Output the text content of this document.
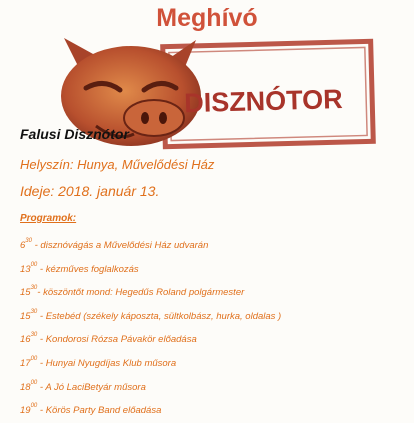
Meghívó
DISZNÓTOR
Falusi Disznótor
Helyszín: Hunya, Művelődési Ház
Ideje: 2018. január 13.
Programok:
$6^{30}$ - disznóvágás a Művelődési Ház udvarán
$13^{00}$ - kézműves foglalkozás
$15^{30}-$ köszöntőt mond: Hegedűs Roland polgármester
$15^{30}$ - Estebéd (székely káposzta, sültkolbász, hurka, oldalas )
$16^{30}$ - Kondorosi Rózsa Pávakör előadása
$17^{00}$ - Hunyai Nyugdíjas Klub műsora
$18^{00}$ - A Jó LaciBetyár műsora
$19^{00}$ - Körös Party Band előadása
